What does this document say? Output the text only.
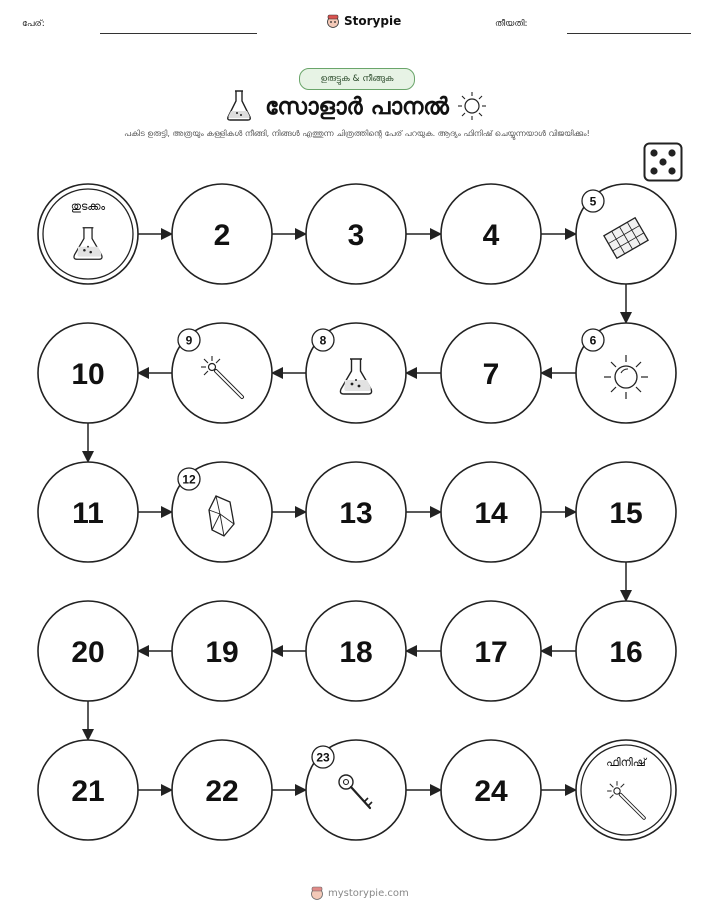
പേര്:	Storypie	തീയതി:
ഉരുട്ടുക & നീങ്ങുക
സോളാർ പാനൽ
പകിട ഉരുട്ടി, അത്രയും കള്ളികൾ നീങ്ങി, നിങ്ങൾ എത്തുന്ന ചിത്രത്തിന്റെ പേര് പറയുക. ആദ്യം ഫിനിഷ് ചെയ്യുന്നയാൾ വിജയിക്കും!
തുടക്കം
2	3	4
5
6
7
8
9
10
11
12
13	14	15
16
17
18
19
20
21	22
23
24
ഫിനിഷ്
mystorypie.com
